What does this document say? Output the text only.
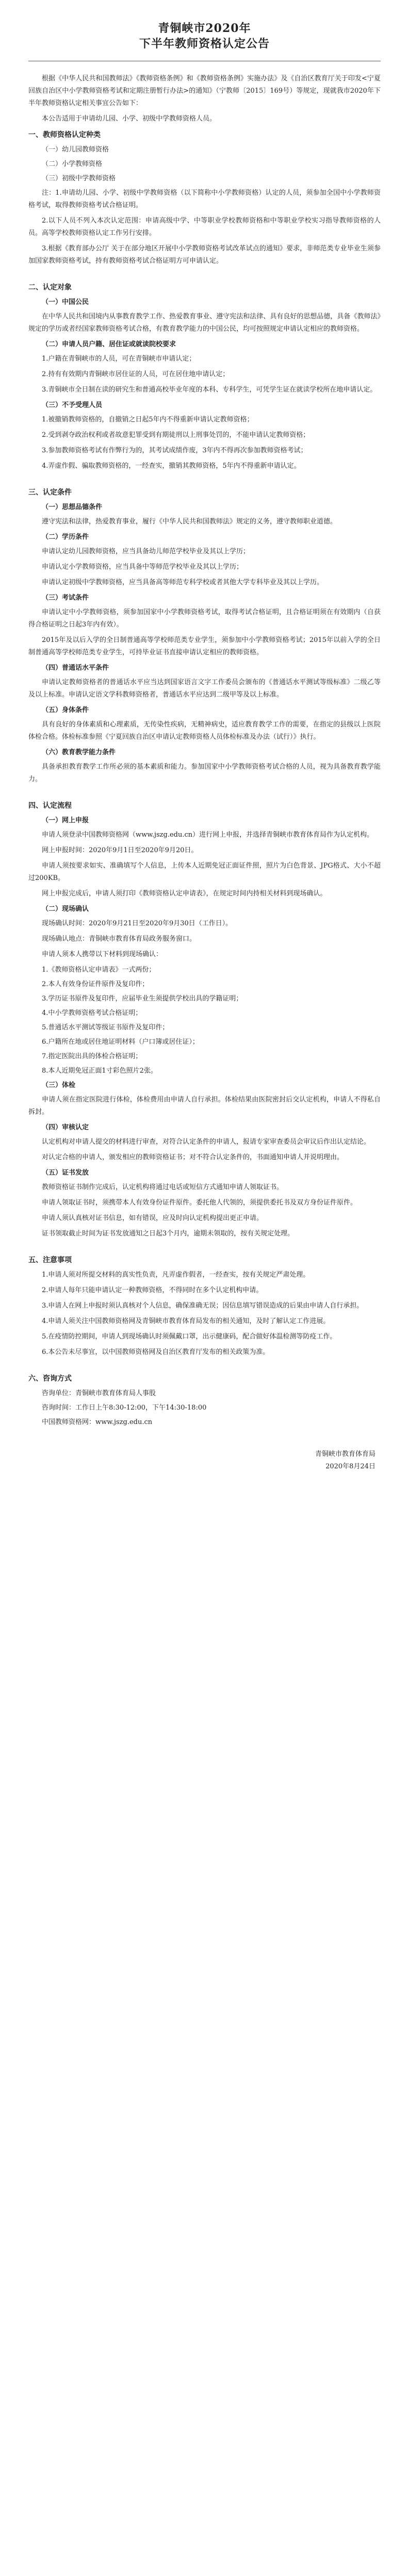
青铜峡市2020年
下半年教师资格认定公告

根据《中华人民共和国教师法》《教师资格条例》和《教师资格条例》实施办法》及《自治区教育厅关于印发<宁夏回族自治区中小学教师资格考试和定期注册暂行办法>的通知》（宁教师〔2015〕169号）等规定，现就我市2020年下半年教师资格认定相关事宜公告如下：

本公告适用于申请幼儿园、小学、初级中学教师资格人员。

一、教师资格认定种类

（一）幼儿园教师资格

（二）小学教师资格

（三）初级中学教师资格

注：1.申请幼儿园、小学、初级中学教师资格（以下简称中小学教师资格）认定的人员，须参加全国中小学教师资格考试，取得教师资格考试合格证明。

2.以下人员不列入本次认定范围：申请高级中学、中等职业学校教师资格和中等职业学校实习指导教师资格的人员。高等学校教师资格认定工作另行安排。

3.根据《教育部办公厅 关于在部分地区开展中小学教师资格考试改革试点的通知》要求，非师范类专业毕业生须参加国家教师资格考试，持有教师资格考试合格证明方可申请认定。

二、认定对象
（一）中国公民

在中华人民共和国境内从事教育教学工作、热爱教育事业、遵守宪法和法律、具有良好的思想品德，具备《教师法》规定的学历或者经国家教师资格考试合格，有教育教学能力的中国公民，均可按照规定申请认定相应的教师资格。

（二）申请人员户籍、居住证或就读院校要求

1.户籍在青铜峡市的人员，可在青铜峡市申请认定；

2.持有有效期内青铜峡市居住证的人员，可在居住地申请认定；

3.青铜峡市全日制在读的研究生和普通高校毕业年度的本科、专科学生，可凭学生证在就读学校所在地申请认定。

（三）不予受理人员

1.被撤销教师资格的，自撤销之日起5年内不得重新申请认定教师资格；

2.受到剥夺政治权利或者故意犯罪受到有期徒刑以上刑事处罚的，不能申请认定教师资格；

3.参加教师资格考试有作弊行为的，其考试成绩作废，3年内不得再次参加教师资格考试；

4.弄虚作假、骗取教师资格的，一经查实，撤销其教师资格，5年内不得重新申请认定。

三、认定条件
（一）思想品德条件

遵守宪法和法律，热爱教育事业，履行《中华人民共和国教师法》规定的义务，遵守教师职业道德。

（二）学历条件

申请认定幼儿园教师资格，应当具备幼儿师范学校毕业及其以上学历；

申请认定小学教师资格，应当具备中等师范学校毕业及其以上学历；

申请认定初级中学教师资格，应当具备高等师范专科学校或者其他大学专科毕业及其以上学历。

（三）考试条件

申请认定中小学教师资格，须参加国家中小学教师资格考试，取得考试合格证明，且合格证明须在有效期内（自获得合格证明之日起3年内有效）。

2015年及以后入学的全日制普通高等学校师范类专业学生，须参加中小学教师资格考试；2015年以前入学的全日制普通高等学校师范类专业学生，可持毕业证书直接申请认定相应的教师资格。

（四）普通话水平条件

申请认定教师资格者的普通话水平应当达到国家语言文字工作委员会颁布的《普通话水平测试等级标准》二级乙等及以上标准。申请认定语文学科教师资格者，普通话水平应达到二级甲等及以上标准。

（五）身体条件

具有良好的身体素质和心理素质，无传染性疾病，无精神病史，适应教育教学工作的需要，在指定的县级以上医院体检合格。体检标准参照《宁夏回族自治区申请认定教师资格人员体检标准及办法（试行）》执行。

（六）教育教学能力条件

具备承担教育教学工作所必须的基本素质和能力。参加国家中小学教师资格考试合格的人员，视为具备教育教学能力。

四、认定流程
（一）网上申报

申请人须登录中国教师资格网（www.jszg.edu.cn）进行网上申报，并选择青铜峡市教育体育局作为认定机构。

网上申报时间：2020年9月1日至2020年9月20日。

申请人须按要求如实、准确填写个人信息，上传本人近期免冠正面证件照，照片为白色背景、JPG格式、大小不超过200KB。

网上申报完成后，申请人须打印《教师资格认定申请表》，在规定时间内持相关材料到现场确认。

（二）现场确认

现场确认时间：2020年9月21日至2020年9月30日（工作日）。

现场确认地点：青铜峡市教育体育局政务服务窗口。

申请人须本人携带以下材料到现场确认：

1.《教师资格认定申请表》一式两份；

2.本人有效身份证件原件及复印件；

3.学历证书原件及复印件，应届毕业生须提供学校出具的学籍证明；

4.中小学教师资格考试合格证明；

5.普通话水平测试等级证书原件及复印件；

6.户籍所在地或居住地证明材料（户口簿或居住证）；

7.指定医院出具的体检合格证明；

8.本人近期免冠正面1寸彩色照片2张。

（三）体检

申请人须在指定医院进行体检，体检费用由申请人自行承担。体检结果由医院密封后交认定机构，申请人不得私自拆封。

（四）审核认定

认定机构对申请人提交的材料进行审查，对符合认定条件的申请人，报请专家审查委员会审议后作出认定结论。

对认定合格的申请人，颁发相应的教师资格证书；对不符合认定条件的，书面通知申请人并说明理由。

（五）证书发放

教师资格证书制作完成后，认定机构将通过电话或短信方式通知申请人领取证书。

申请人领取证书时，须携带本人有效身份证件原件。委托他人代领的，须提供委托书及双方身份证件原件。

申请人须认真核对证书信息，如有错误，应及时向认定机构提出更正申请。

证书领取截止时间为证书发放通知之日起3个月内，逾期未领取的，按有关规定处理。

五、注意事项

1.申请人须对所提交材料的真实性负责，凡弄虚作假者，一经查实，按有关规定严肃处理。

2.申请人每年只能申请认定一种教师资格，不得同时在多个认定机构申请。

3.申请人在网上申报时须认真核对个人信息，确保准确无误；因信息填写错误造成的后果由申请人自行承担。

4.申请人须关注中国教师资格网及青铜峡市教育体育局发布的相关通知，及时了解认定工作进展。

5.在疫情防控期间，申请人到现场确认时须佩戴口罩，出示健康码，配合做好体温检测等防疫工作。

6.本公告未尽事宜，以中国教师资格网及自治区教育厅发布的相关政策为准。

六、咨询方式

咨询单位：青铜峡市教育体育局人事股

咨询时间：工作日上午8:30-12:00，下午14:30-18:00

中国教师资格网：www.jszg.edu.cn

青铜峡市教育体育局

2020年8月24日
